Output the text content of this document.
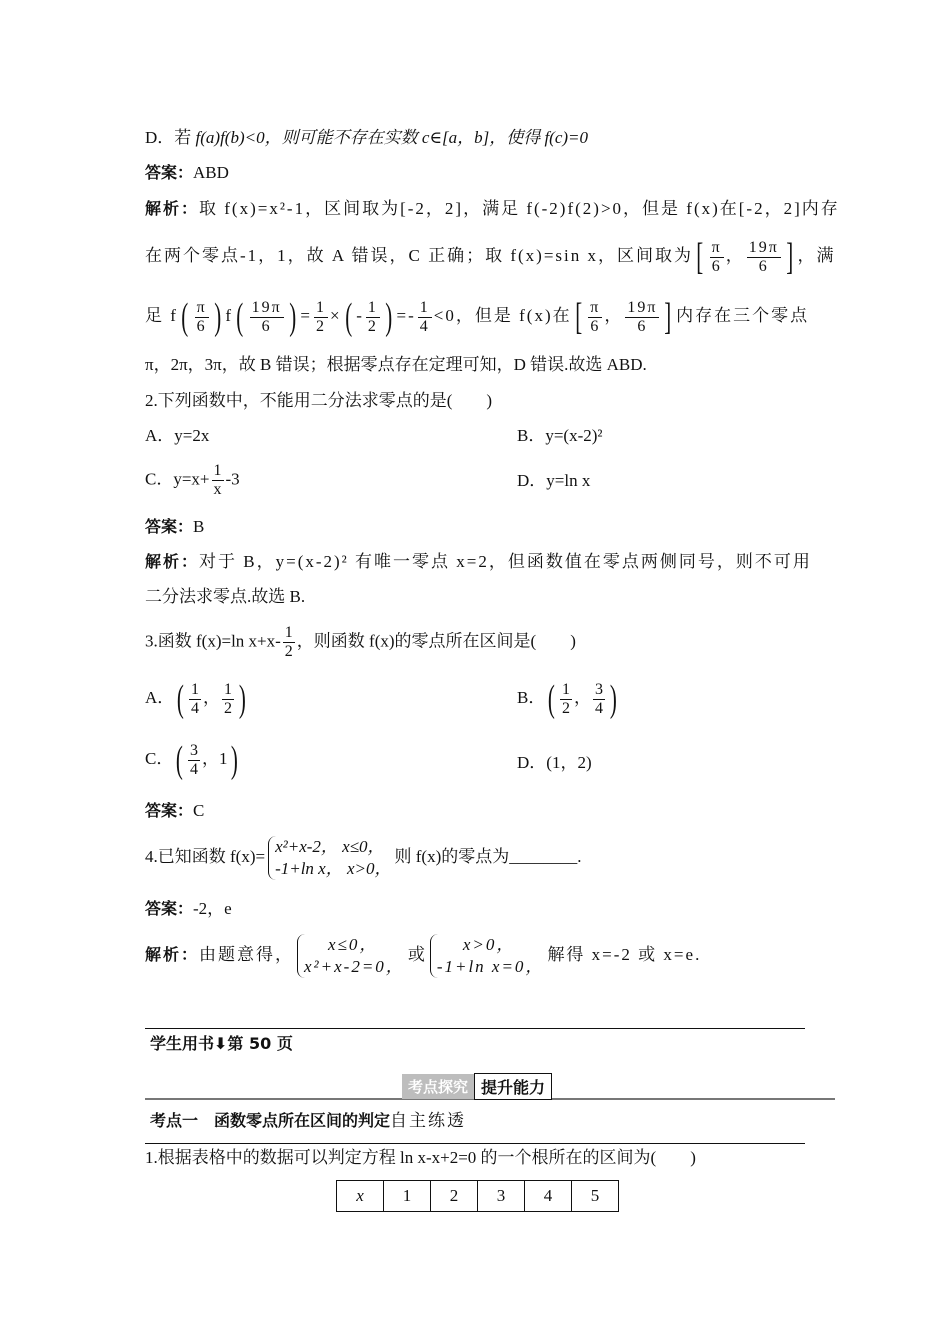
D．若 f(a)f(b)<0，则可能不存在实数 c∈[a，b]，使得 f(c)=0
答案：ABD
解析：取 f(x)=x²-1，区间取为[-2，2]，满足 f(-2)f(2)>0，但是 f(x)在[-2，2]内存
在两个零点-1，1，故 A 错误，C 正确；取 f(x)=sin x，区间取为[ $\frac{\pi}{6}$ ， $\frac{19\pi}{6}$ ] ，满
足 $f( \frac{\pi}{6}$ ) $f( \frac{19\pi}{6}$ ) = $\frac{1}{2}$ ×( - $\frac{1}{2}$ ) =- $\frac{1}{4} <0$，但是 f(x)在[ $\frac{\pi}{6}$ ， $\frac{19\pi}{6}$ ] 内存在三个零点
π，2π，3π，故 B 错误；根据零点存在定理可知，D 错误.故选 ABD.
2.下列函数中，不能用二分法求零点的是(　　)
A．y=2x	B．y=(x-2)²
C．$y=x+ \frac{1}{x} -3$	D．y=ln x
答案：B
解析：对于 B，y=(x-2)² 有唯一零点 x=2，但函数值在零点两侧同号，则不可用
二分法求零点.故选 B.
3.函数 f(x)=ln $x+x- \frac{1}{2}$ ，则函数 f(x)的零点所在区间是(　　)
A．( $\frac{1}{4}$ ， $\frac{1}{2}$ )	B．( $\frac{1}{2}$ ， $\frac{3}{4}$ )
C．( $\frac{3}{4}$ ，1)	D．(1，2)
答案：C
4.已知函数 f(x)=
x²+x-2， x≤0，
-1+ln x， x>0，
则 f(x)的零点为________.
答案：-2，e
解析：由题意得，
x≤0，
x²+x-2=0，
或
x>0，
-1+ln x=0，
解得 x=-2 或 x=e.
学生用书⬇第 50 页
考点探究 提升能力
考点一　函数零点所在区间的判定自主练透
1.根据表格中的数据可以判定方程 ln x-x+2=0 的一个根所在的区间为(　　)
x	1	2	3	4	5
